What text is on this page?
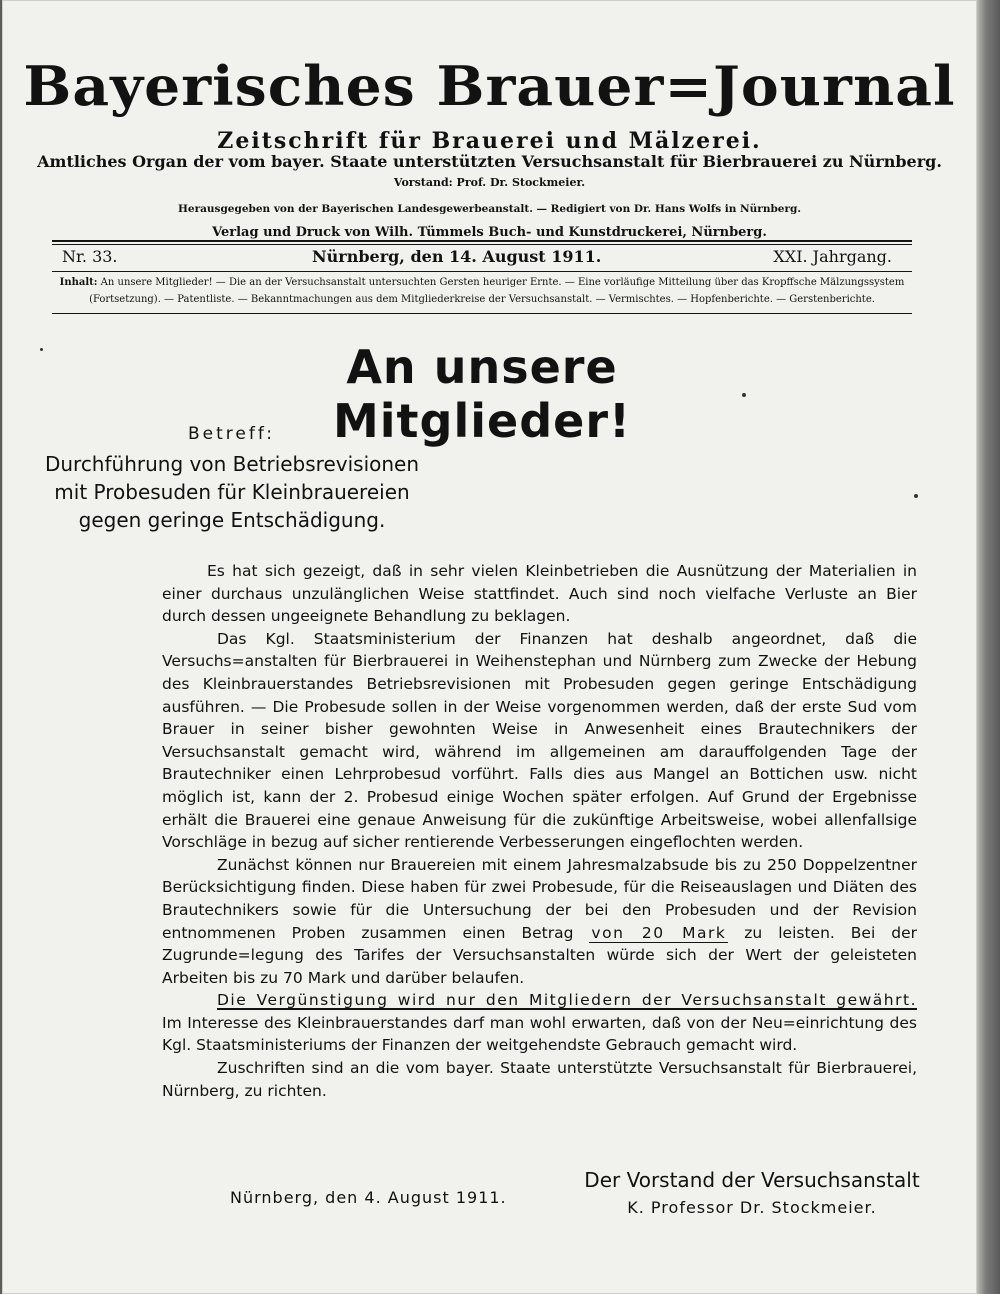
Bayerisches Brauer=Journal
Zeitschrift für Brauerei und Mälzerei.
Amtliches Organ der vom bayer. Staate unterstützten Versuchsanstalt für Bierbrauerei zu Nürnberg.
Vorstand: Prof. Dr. Stockmeier.
Herausgegeben von der Bayerischen Landesgewerbeanstalt. — Redigiert von Dr. Hans Wolfs in Nürnberg.
Verlag und Druck von Wilh. Tümmels Buch- und Kunstdruckerei, Nürnberg.
Nr. 33.	Nürnberg, den 14. August 1911.	XXI. Jahrgang.
Inhalt: An unsere Mitglieder! — Die an der Versuchsanstalt untersuchten Gersten heuriger Ernte. — Eine vorläufige Mitteilung über das Kropffsche Mälzungssystem (Fortsetzung). — Patentliste. — Bekanntmachungen aus dem Mitgliederkreise der Versuchsanstalt. — Vermischtes. — Hopfenberichte. — Gerstenberichte.
An unsere Mitglieder!
Betreff:
Durchführung von Betriebsrevisionen
mit Probesuden für Kleinbrauereien
gegen geringe Entschädigung.

Es hat sich gezeigt, daß in sehr vielen Kleinbetrieben die Ausnützung der Materialien in einer durchaus unzulänglichen Weise stattfindet. Auch sind noch vielfache Verluste an Bier durch dessen ungeeignete Behandlung zu beklagen.

Das Kgl. Staatsministerium der Finanzen hat deshalb angeordnet, daß die Versuchs=anstalten für Bierbrauerei in Weihenstephan und Nürnberg zum Zwecke der Hebung des Kleinbrauerstandes Betriebsrevisionen mit Probesuden gegen geringe Entschädigung ausführen. — Die Probesude sollen in der Weise vorgenommen werden, daß der erste Sud vom Brauer in seiner bisher gewohnten Weise in Anwesenheit eines Brautechnikers der Versuchsanstalt gemacht wird, während im allgemeinen am darauffolgenden Tage der Brautechniker einen Lehrprobesud vorführt. Falls dies aus Mangel an Bottichen usw. nicht möglich ist, kann der 2. Probesud einige Wochen später erfolgen. Auf Grund der Ergebnisse erhält die Brauerei eine genaue Anweisung für die zukünftige Arbeitsweise, wobei allenfallsige Vorschläge in bezug auf sicher rentierende Verbesserungen eingeflochten werden.

Zunächst können nur Brauereien mit einem Jahresmalzabsude bis zu 250 Doppelzentner Berücksichtigung finden. Diese haben für zwei Probesude, für die Reiseauslagen und Diäten des Brautechnikers sowie für die Untersuchung der bei den Probesuden und der Revision entnommenen Proben zusammen einen Betrag von 20 Mark zu leisten. Bei der Zugrunde=legung des Tarifes der Versuchsanstalten würde sich der Wert der geleisteten Arbeiten bis zu 70 Mark und darüber belaufen.

Die Vergünstigung wird nur den Mitgliedern der Versuchsanstalt gewährt. Im Interesse des Kleinbrauerstandes darf man wohl erwarten, daß von der Neu=einrichtung des Kgl. Staatsministeriums der Finanzen der weitgehendste Gebrauch gemacht wird.

Zuschriften sind an die vom bayer. Staate unterstützte Versuchsanstalt für Bierbrauerei, Nürnberg, zu richten.

Nürnberg, den 4. August 1911.
Der Vorstand der Versuchsanstalt
K. Professor Dr. Stockmeier.
